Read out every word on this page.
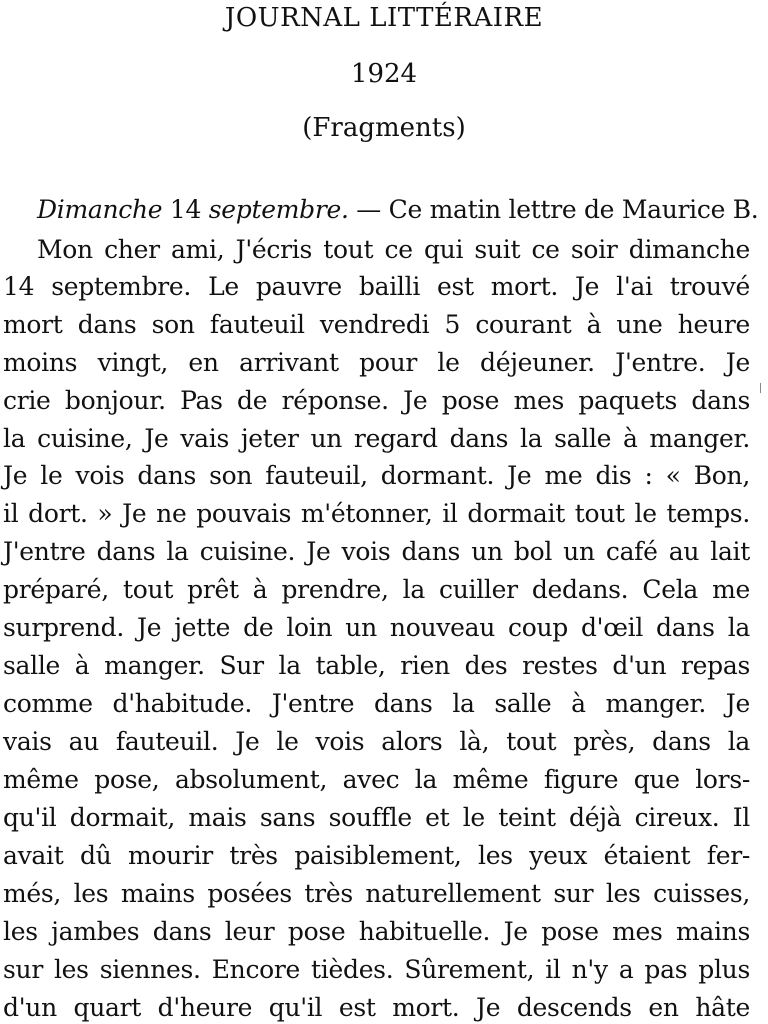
JOURNAL LITTÉRAIRE
1924
(Fragments)
Dimanche 14 septembre. — Ce matin lettre de Maurice B.
Mon cher ami, J'écris tout ce qui suit ce soir dimanche
14 septembre. Le pauvre bailli est mort. Je l'ai trouvé
mort dans son fauteuil vendredi 5 courant à une heure
moins vingt, en arrivant pour le déjeuner. J'entre. Je
crie bonjour. Pas de réponse. Je pose mes paquets dans
la cuisine, Je vais jeter un regard dans la salle à manger.
Je le vois dans son fauteuil, dormant. Je me dis : « Bon,
il dort. » Je ne pouvais m'étonner, il dormait tout le temps.
J'entre dans la cuisine. Je vois dans un bol un café au lait
préparé, tout prêt à prendre, la cuiller dedans. Cela me
surprend. Je jette de loin un nouveau coup d'œil dans la
salle à manger. Sur la table, rien des restes d'un repas
comme d'habitude. J'entre dans la salle à manger. Je
vais au fauteuil. Je le vois alors là, tout près, dans la
même pose, absolument, avec la même figure que lors-
qu'il dormait, mais sans souffle et le teint déjà cireux. Il
avait dû mourir très paisiblement, les yeux étaient fer-
més, les mains posées très naturellement sur les cuisses,
les jambes dans leur pose habituelle. Je pose mes mains
sur les siennes. Encore tièdes. Sûrement, il n'y a pas plus
d'un quart d'heure qu'il est mort. Je descends en hâte
